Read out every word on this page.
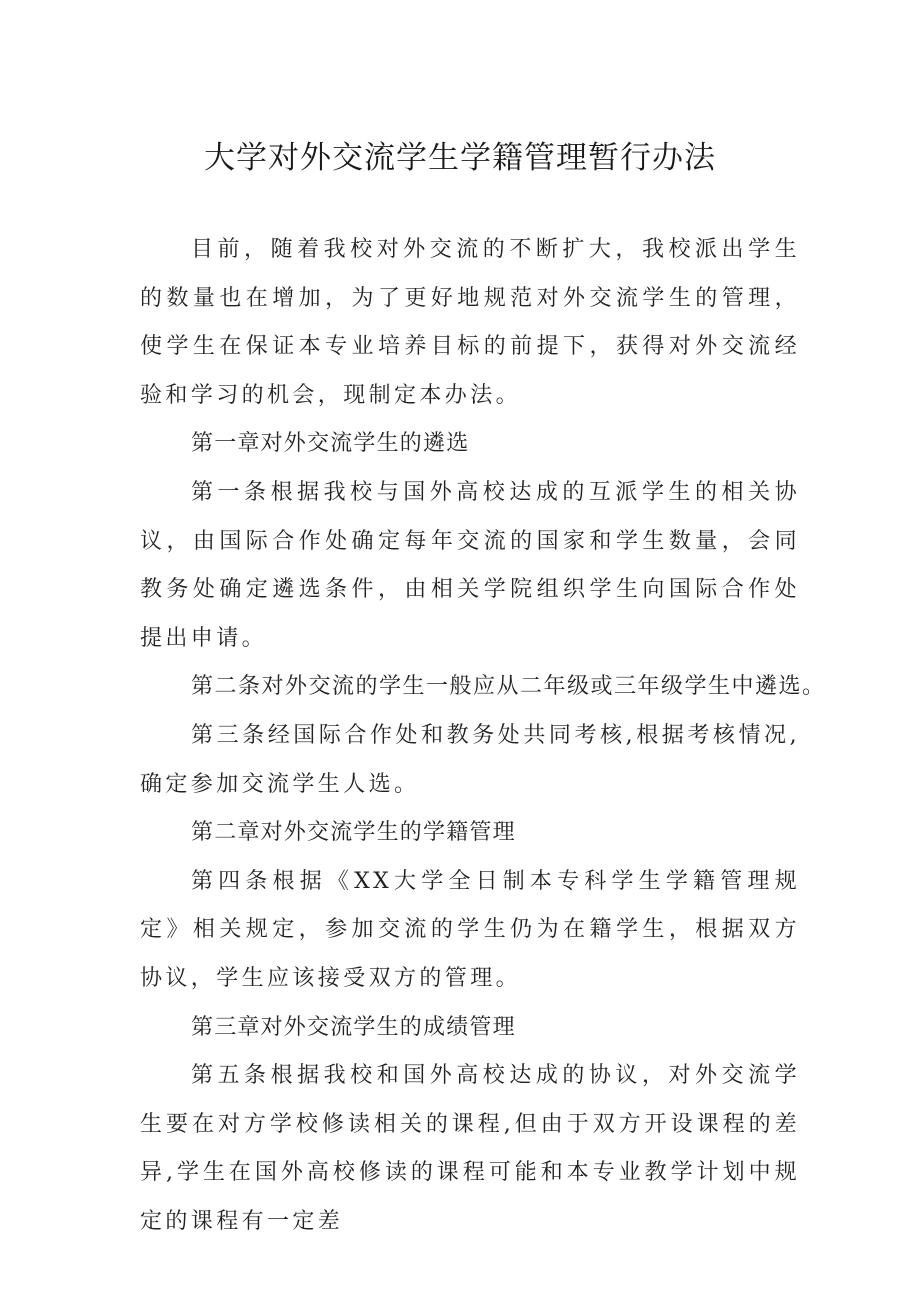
大学对外交流学生学籍管理暂行办法

目前，随着我校对外交流的不断扩大，我校派出学生的数量也在增加，为了更好地规范对外交流学生的管理，使学生在保证本专业培养目标的前提下，获得对外交流经验和学习的机会，现制定本办法。

第一章对外交流学生的遴选

第一条根据我校与国外高校达成的互派学生的相关协议，由国际合作处确定每年交流的国家和学生数量，会同教务处确定遴选条件，由相关学院组织学生向国际合作处提出申请。

第二条对外交流的学生一般应从二年级或三年级学生中遴选。

第三条经国际合作处和教务处共同考核,根据考核情况,确定参加交流学生人选。

第二章对外交流学生的学籍管理

第四条根据《XX大学全日制本专科学生学籍管理规定》相关规定，参加交流的学生仍为在籍学生，根据双方协议，学生应该接受双方的管理。

第三章对外交流学生的成绩管理

第五条根据我校和国外高校达成的协议，对外交流学生要在对方学校修读相关的课程,但由于双方开设课程的差异,学生在国外高校修读的课程可能和本专业教学计划中规定的课程有一定差
